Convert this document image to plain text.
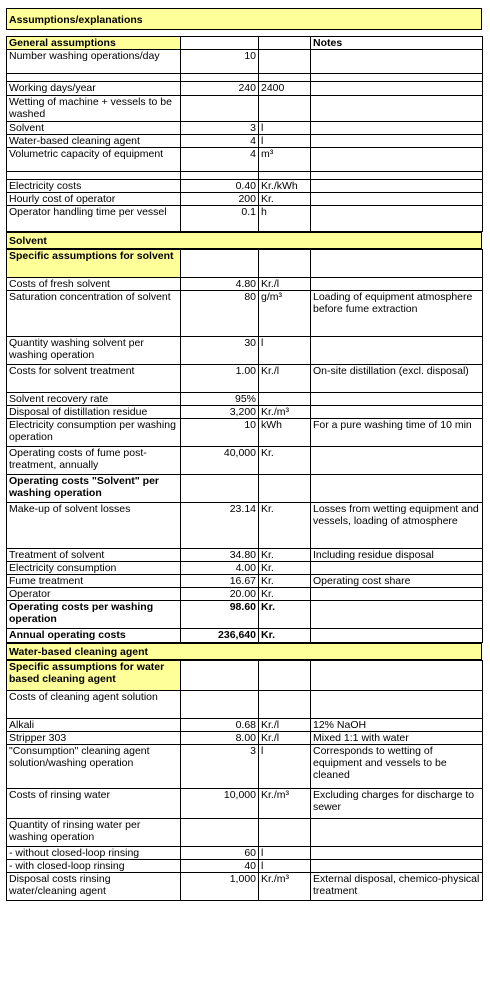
Assumptions/explanations
General assumptions			Notes
Number washing operations/day	10		

Working days/year	240	2400	
Wetting of machine + vessels to be washed			
Solvent	3	l	
Water-based cleaning agent	4	l	
Volumetric capacity of equipment	4	m³	

Electricity costs	0.40	Kr./kWh	
Hourly cost of operator	200	Kr.	
Operator handling time per vessel	0.1	h	
Solvent
Specific assumptions for solvent			
Costs of fresh solvent	4.80	Kr./l	
Saturation concentration of solvent	80	g/m³	Loading of equipment atmosphere before fume extraction
Quantity washing solvent per washing operation	30	l	
Costs for solvent treatment	1.00	Kr./l	On-site distillation (excl. disposal)
Solvent recovery rate	95%		
Disposal of distillation residue	3,200	Kr./m³	
Electricity consumption per washing operation	10	kWh	For a pure washing time of 10 min
Operating costs of fume post-treatment, annually	40,000	Kr.	
Operating costs "Solvent" per washing operation			
Make-up of solvent losses	23.14	Kr.	Losses from wetting equipment and vessels, loading of atmosphere
Treatment of solvent	34.80	Kr.	Including residue disposal
Electricity consumption	4.00	Kr.	
Fume treatment	16.67	Kr.	Operating cost share
Operator	20.00	Kr.	
Operating costs per washing operation	98.60	Kr.	
Annual operating costs	236,640	Kr.	
Water-based cleaning agent
Specific assumptions for water based cleaning agent			
Costs of cleaning agent solution			
Alkali	0.68	Kr./l	12% NaOH
Stripper 303	8.00	Kr./l	Mixed 1:1 with water
"Consumption" cleaning agent solution/washing operation	3	l	Corresponds to wetting of equipment and vessels to be cleaned
Costs of rinsing water	10,000	Kr./m³	Excluding charges for discharge to sewer
Quantity of rinsing water per washing operation			
- without closed-loop rinsing	60	l	
- with closed-loop rinsing	40	l	
Disposal costs rinsing water/cleaning agent	1,000	Kr./m³	External disposal, chemico-physical treatment
